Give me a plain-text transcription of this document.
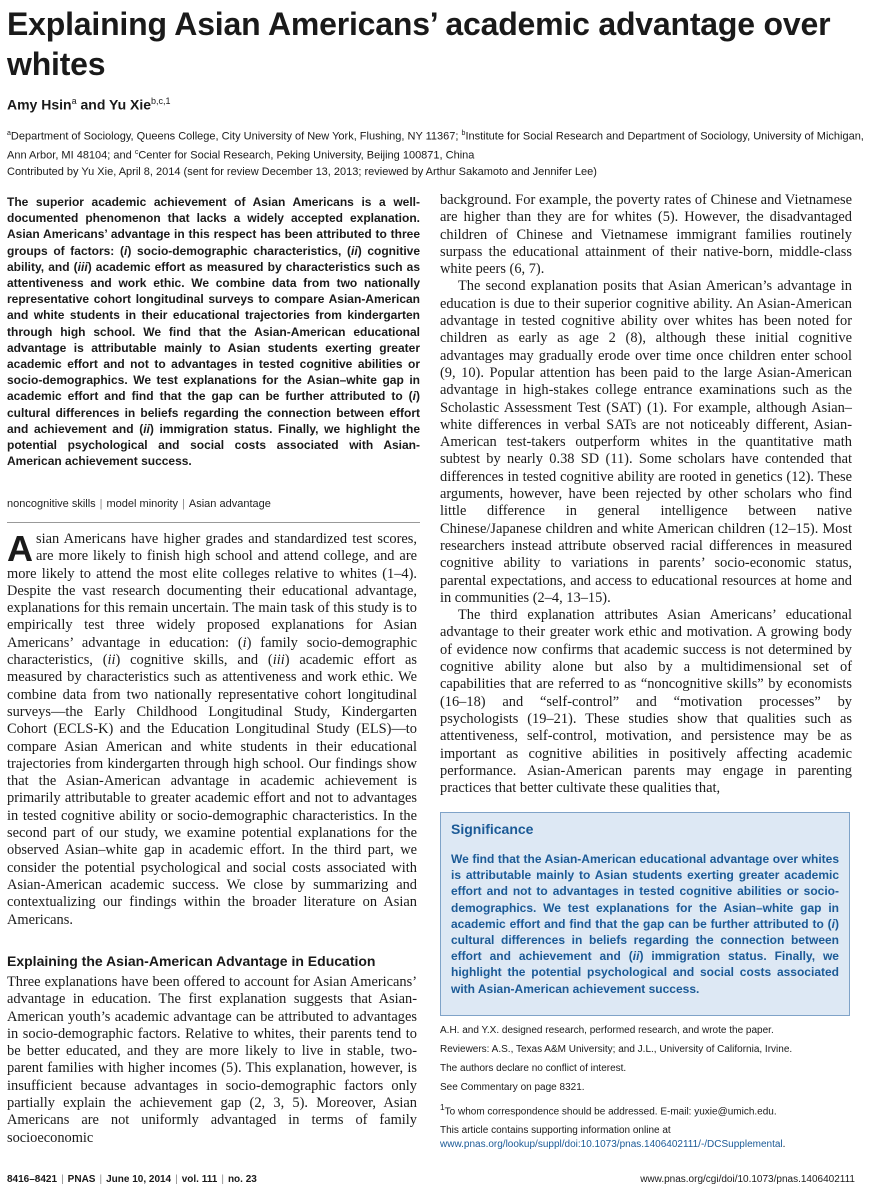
Explaining Asian Americans’ academic advantage over whites
Amy Hsin$^a$ and Yu Xie$^{b,c,1}$
$^a$Department of Sociology, Queens College, City University of New York, Flushing, NY 11367; $^b$Institute for Social Research and Department of Sociology, University of Michigan, Ann Arbor, MI 48104; and $^c$Center for Social Research, Peking University, Beijing 100871, China
Contributed by Yu Xie, April 8, 2014 (sent for review December 13, 2013; reviewed by Arthur Sakamoto and Jennifer Lee)
The superior academic achievement of Asian Americans is a well-documented phenomenon that lacks a widely accepted explanation. Asian Americans’ advantage in this respect has been attributed to three groups of factors: (i) socio-demographic characteristics, (ii) cognitive ability, and (iii) academic effort as measured by characteristics such as attentiveness and work ethic. We combine data from two nationally representative cohort longitudinal surveys to compare Asian-American and white students in their educational trajectories from kindergarten through high school. We find that the Asian-American educational advantage is attributable mainly to Asian students exerting greater academic effort and not to advantages in tested cognitive abilities or socio-demographics. We test explanations for the Asian–white gap in academic effort and find that the gap can be further attributed to (i) cultural differences in beliefs regarding the connection between effort and achievement and (ii) immigration status. Finally, we highlight the potential psychological and social costs associated with Asian-American achievement success.
noncognitive skills | model minority | Asian advantage
Asian Americans have higher grades and standardized test scores, are more likely to finish high school and attend college, and are more likely to attend the most elite colleges relative to whites (1–4). Despite the vast research documenting their educational advantage, explanations for this remain uncertain. The main task of this study is to empirically test three widely proposed explanations for Asian Americans’ advantage in education: (i) family socio-demographic characteristics, (ii) cognitive skills, and (iii) academic effort as measured by characteristics such as attentiveness and work ethic. We combine data from two nationally representative cohort longitudinal surveys—the Early Childhood Longitudinal Study, Kindergarten Cohort (ECLS-K) and the Education Longitudinal Study (ELS)—to compare Asian American and white students in their educational trajectories from kindergarten through high school. Our findings show that the Asian-American advantage in academic achievement is primarily attributable to greater academic effort and not to advantages in tested cognitive ability or socio-demographic characteristics. In the second part of our study, we examine potential explanations for the observed Asian–white gap in academic effort. In the third part, we consider the potential psychological and social costs associated with Asian-American academic success. We close by summarizing and contextualizing our findings within the broader literature on Asian Americans.
Explaining the Asian-American Advantage in Education
Three explanations have been offered to account for Asian Americans’ advantage in education. The first explanation suggests that Asian-American youth’s academic advantage can be attributed to advantages in socio-demographic factors. Relative to whites, their parents tend to be better educated, and they are more likely to live in stable, two-parent families with higher incomes (5). This explanation, however, is insufficient because advantages in socio-demographic factors only partially explain the achievement gap (2, 3, 5). Moreover, Asian Americans are not uniformly advantaged in terms of family socioeconomic

background. For example, the poverty rates of Chinese and Vietnamese are higher than they are for whites (5). However, the disadvantaged children of Chinese and Vietnamese immigrant families routinely surpass the educational attainment of their native-born, middle-class white peers (6, 7).

The second explanation posits that Asian American’s advantage in education is due to their superior cognitive ability. An Asian-American advantage in tested cognitive ability over whites has been noted for children as early as age 2 (8), although these initial cognitive advantages may gradually erode over time once children enter school (9, 10). Popular attention has been paid to the large Asian-American advantage in high-stakes college entrance examinations such as the Scholastic Assessment Test (SAT) (1). For example, although Asian–white differences in verbal SATs are not noticeably different, Asian-American test-takers outperform whites in the quantitative math subtest by nearly 0.38 SD (11). Some scholars have contended that differences in tested cognitive ability are rooted in genetics (12). These arguments, however, have been rejected by other scholars who find little difference in general intelligence between native Chinese/Japanese children and white American children (12–15). Most researchers instead attribute observed racial differences in measured cognitive ability to variations in parents’ socio-economic status, parental expectations, and access to educational resources at home and in communities (2–4, 13–15).

The third explanation attributes Asian Americans’ educational advantage to their greater work ethic and motivation. A growing body of evidence now confirms that academic success is not determined by cognitive ability alone but also by a multidimensional set of capabilities that are referred to as “noncognitive skills” by economists (16–18) and “self-control” and “motivation processes” by psychologists (19–21). These studies show that qualities such as attentiveness, self-control, motivation, and persistence may be as important as cognitive abilities in positively affecting academic performance. Asian-American parents may engage in parenting practices that better cultivate these qualities that,

Significance
We find that the Asian-American educational advantage over whites is attributable mainly to Asian students exerting greater academic effort and not to advantages in tested cognitive abilities or socio-demographics. We test explanations for the Asian–white gap in academic effort and find that the gap can be further attributed to (i) cultural differences in beliefs regarding the connection between effort and achievement and (ii) immigration status. Finally, we highlight the potential psychological and social costs associated with Asian-American achievement success.
A.H. and Y.X. designed research, performed research, and wrote the paper.
Reviewers: A.S., Texas A&M University; and J.L., University of California, Irvine.
The authors declare no conflict of interest.
See Commentary on page 8321.
$^1$To whom correspondence should be addressed. E-mail: yuxie@umich.edu.
This article contains supporting information online at www.pnas.org/lookup/suppl/doi:10.1073/pnas.1406402111/-/DCSupplemental.
8416–8421 | PNAS | June 10, 2014 | vol. 111 | no. 23	www.pnas.org/cgi/doi/10.1073/pnas.1406402111
